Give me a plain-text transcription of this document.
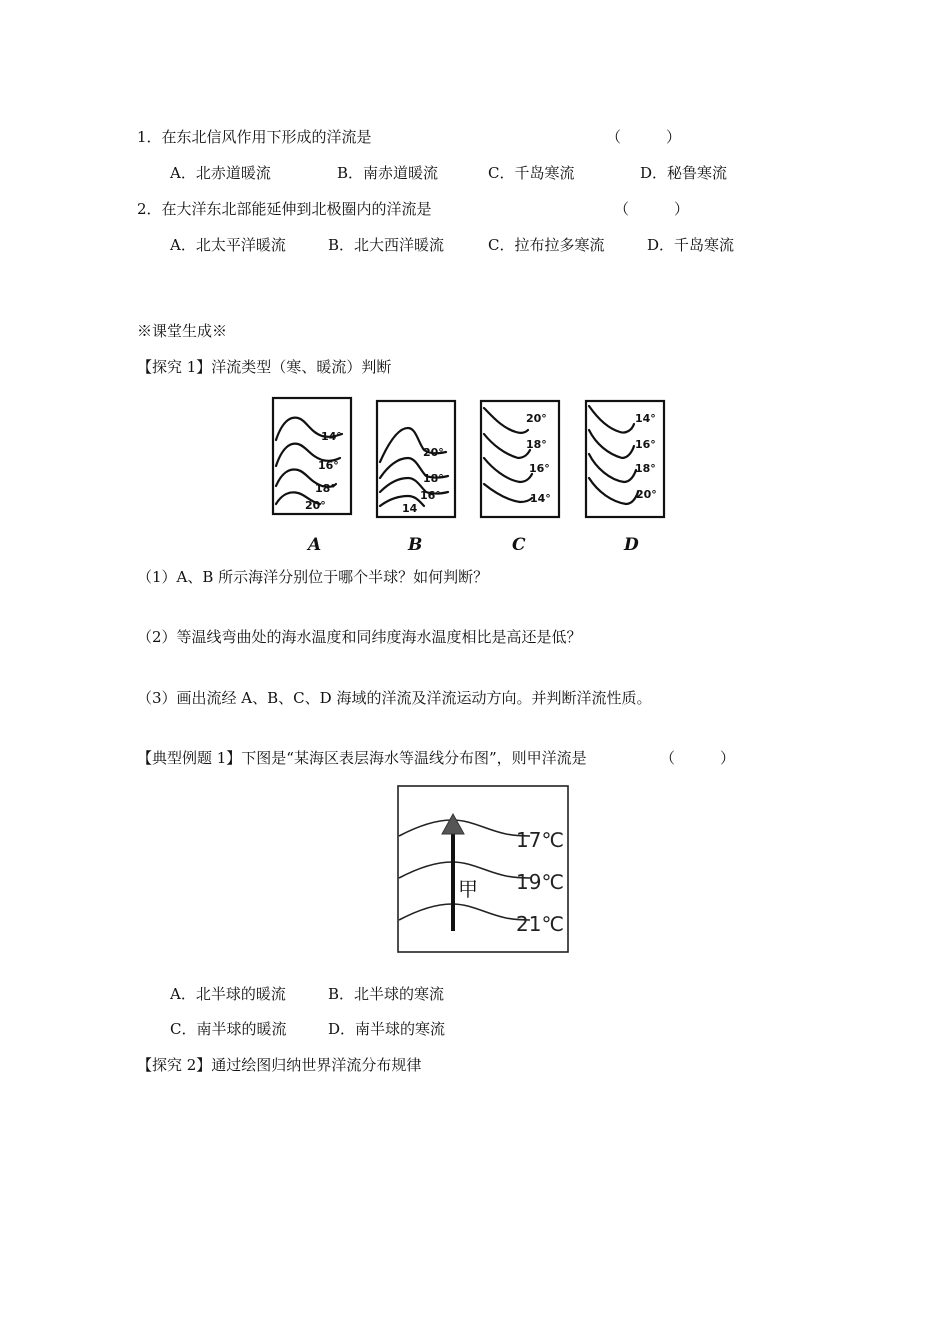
1．在东北信风作用下形成的洋流是	（　　　）
A．北赤道暖流	B．南赤道暖流	C．千岛寒流	D．秘鲁寒流
2．在大洋东北部能延伸到北极圈内的洋流是	（　　　）
A．北太平洋暖流	B．北大西洋暖流	C．拉布拉多寒流	D．千岛寒流
※课堂生成※
【探究 1】洋流类型（寒、暖流）判断
14°
16°
18°
20°
A
20°
18°
16°
14
B
20°
18°
16°
14°
C
14°
16°
18°
20°
D
（1）A、B 所示海洋分别位于哪个半球？如何判断？
（2）等温线弯曲处的海水温度和同纬度海水温度相比是高还是低？
（3）画出流经 A、B、C、D 海域的洋流及洋流运动方向。并判断洋流性质。
【典型例题 1】下图是“某海区表层海水等温线分布图”，则甲洋流是	（　　　）
甲
17℃
19℃
21℃
A．北半球的暖流	B．北半球的寒流
C．南半球的暖流	D．南半球的寒流
【探究 2】通过绘图归纳世界洋流分布规律
